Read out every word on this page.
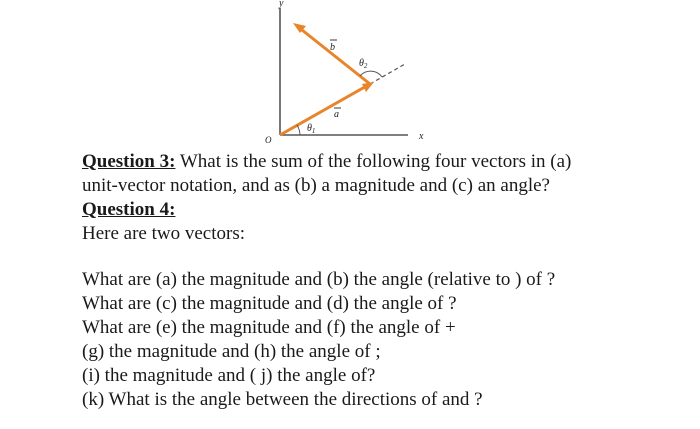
y
x
O
b
a
$\theta_1$
$\theta_2$
Question 3: What is the sum of the following four vectors in (a)
unit-vector notation, and as (b) a magnitude and (c) an angle?
Question 4:
Here are two vectors:
What are (a) the magnitude and (b) the angle (relative to ) of ?
What are (c) the magnitude and (d) the angle of ?
What are (e) the magnitude and (f) the angle of +
(g) the magnitude and (h) the angle of ;
(i) the magnitude and ( j) the angle of?
(k) What is the angle between the directions of and ?
